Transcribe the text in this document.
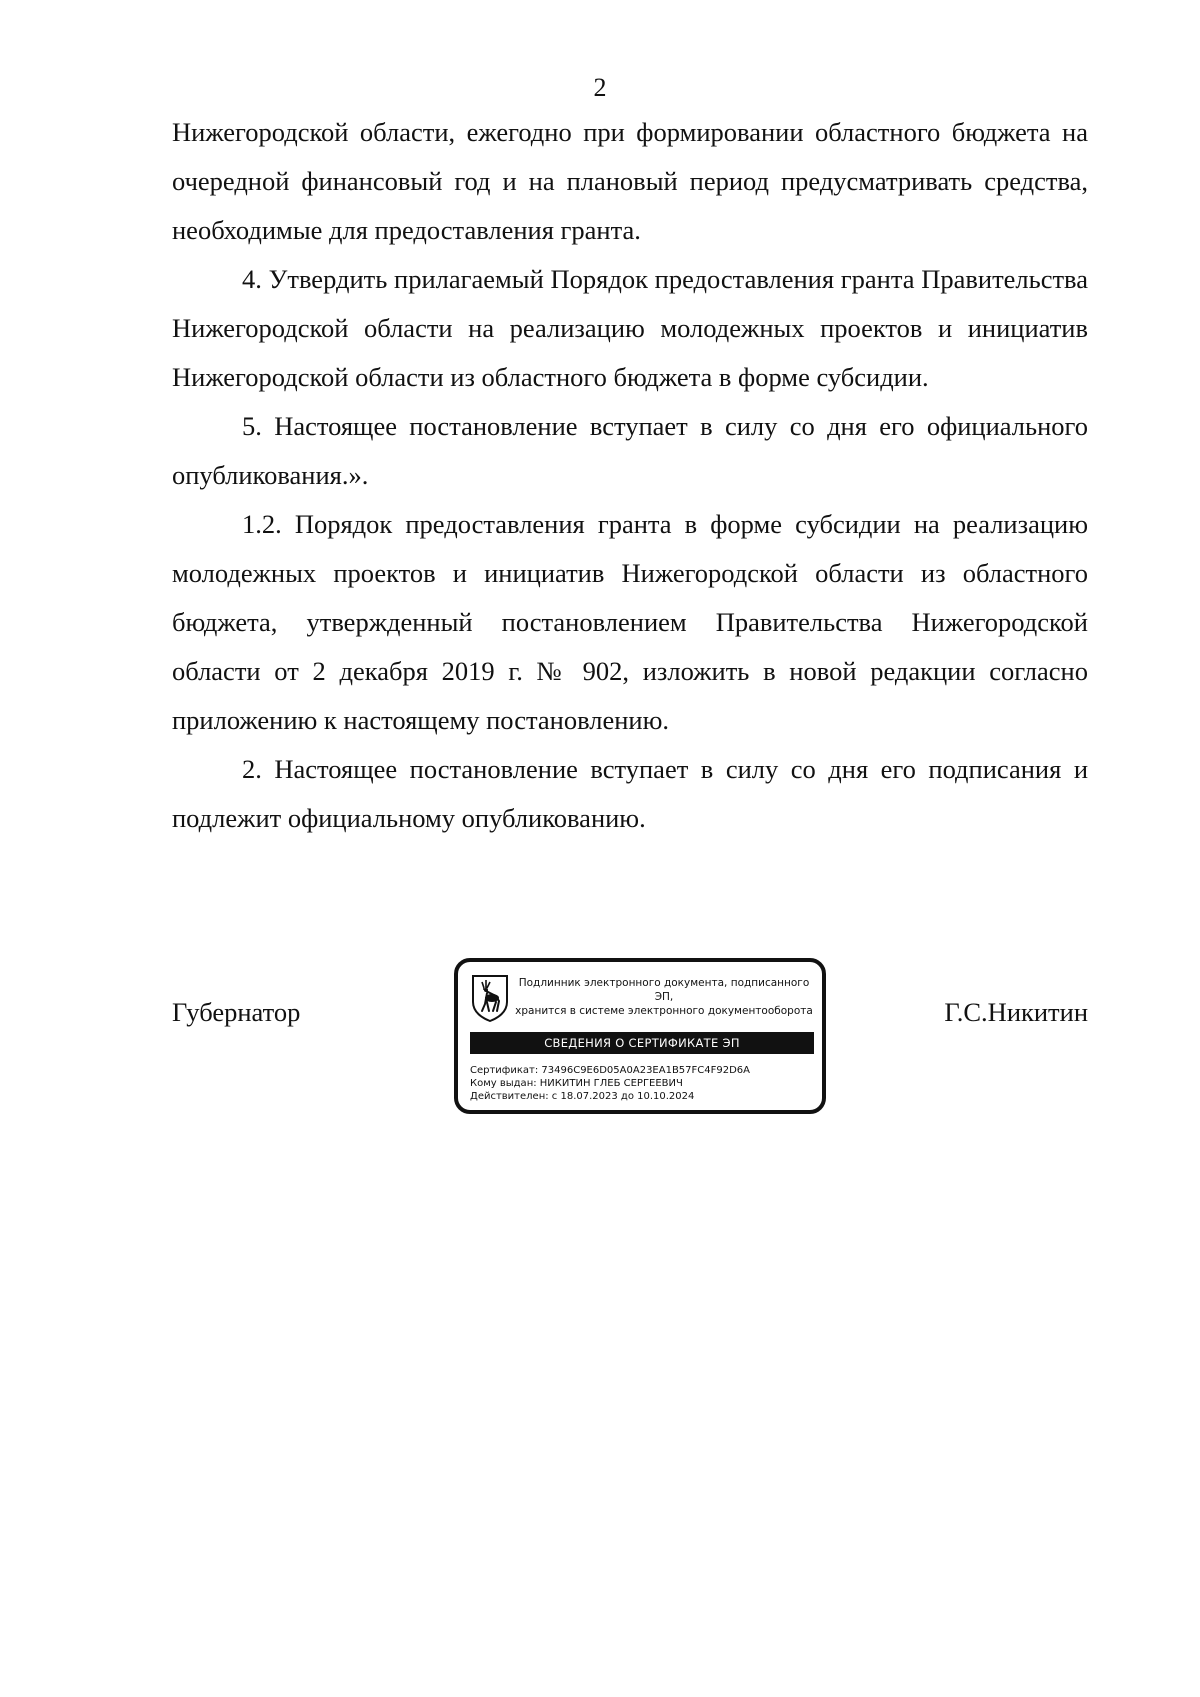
2

Нижегородской области, ежегодно при формировании областного бюджета на очередной финансовый год и на плановый период предусматривать средства, необходимые для предоставления гранта.

4. Утвердить прилагаемый Порядок предоставления гранта Правительства Нижегородской области на реализацию молодежных проектов и инициатив Нижегородской области из областного бюджета в форме субсидии.

5. Настоящее постановление вступает в силу со дня его официального опубликования.».

1.2. Порядок предоставления гранта в форме субсидии на реализацию молодежных проектов и инициатив Нижегородской области из областного бюджета, утвержденный постановлением Правительства Нижегородской области от 2 декабря 2019 г. № 902, изложить в новой редакции согласно приложению к настоящему постановлению.

2. Настоящее постановление вступает в силу со дня его подписания и подлежит официальному опубликованию.

Губернатор
Подлинник электронного документа, подписанного ЭП,
хранится в системе электронного документооборота
СВЕДЕНИЯ О СЕРТИФИКАТЕ ЭП
Сертификат: 73496C9E6D05A0A23EA1B57FC4F92D6A
Кому выдан: НИКИТИН ГЛЕБ СЕРГЕЕВИЧ
Действителен: с 18.07.2023 до 10.10.2024
Г.С.Никитин
